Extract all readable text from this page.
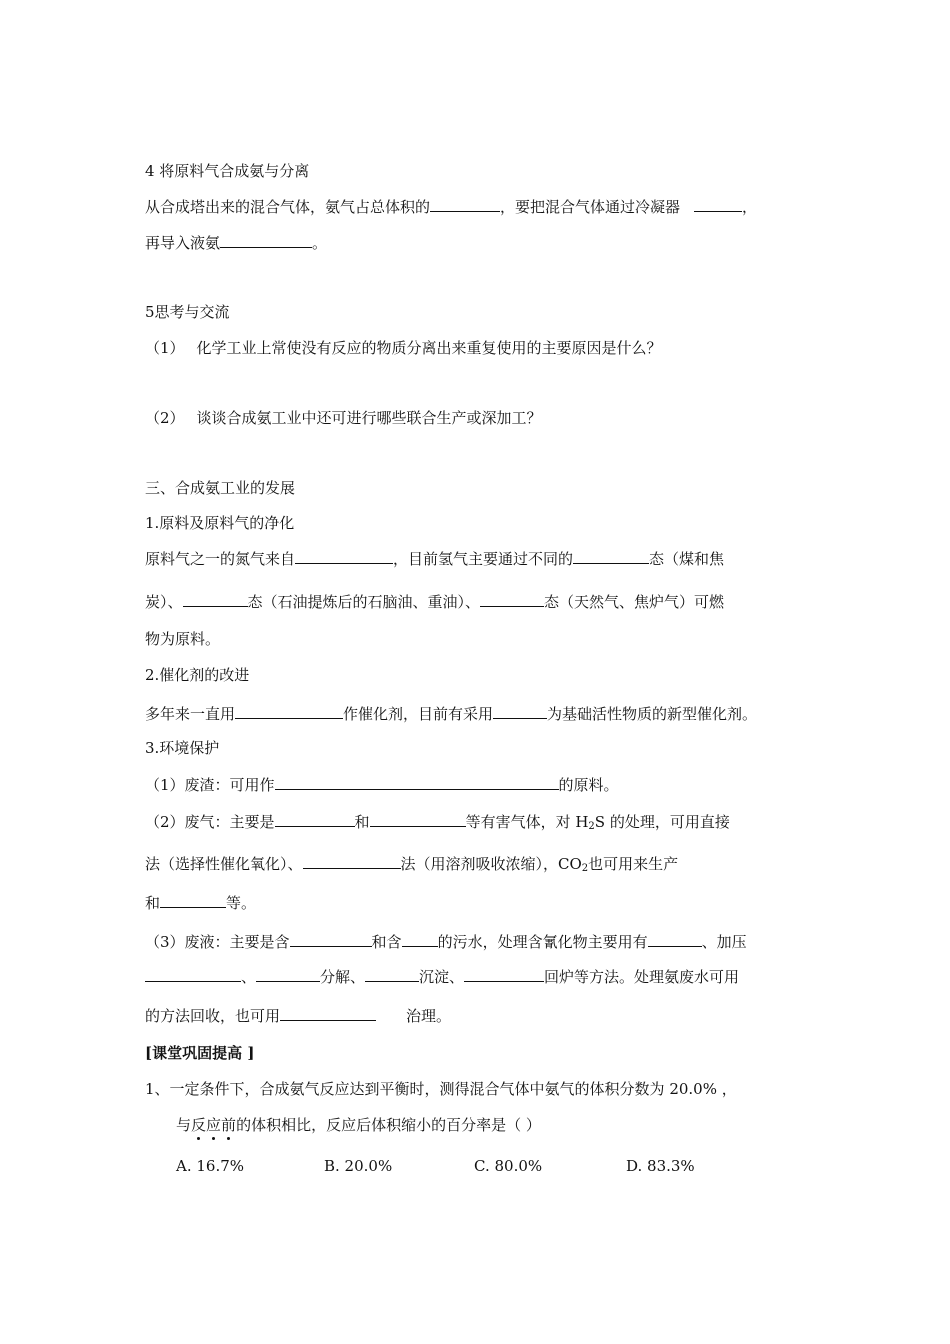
4 将原料气合成氨与分离
从合成塔出来的混合气体，氨气占总体积的	，要把混合气体通过冷凝器	，
再导入液氨	。
5思考与交流
（1） 化学工业上常使没有反应的物质分离出来重复使用的主要原因是什么？
（2） 谈谈合成氨工业中还可进行哪些联合生产或深加工？
三、合成氨工业的发展
1.原料及原料气的净化
原料气之一的氮气来自	，目前氢气主要通过不同的	态（煤和焦
炭）、	态（石油提炼后的石脑油、重油）、	态（天然气、焦炉气）可燃
物为原料。
2.催化剂的改进
多年来一直用	作催化剂，目前有采用	为基础活性物质的新型催化剂。
3.环境保护
（1）废渣：可用作	的原料。
（2）废气：主要是	和	等有害气体，对 $H_2S$ 的处理，可用直接
法（选择性催化氧化）、	法（用溶剂吸收浓缩），$CO_2$也可用来生产
和	等。
（3）废液：主要是含	和含 的污水，处理含氰化物主要用有	、加压
、	分解、	沉淀、	回炉等方法。处理氨废水可用
的方法回收，也可用	治理。
[课堂巩固提高 ]
1、一定条件下，合成氨气反应达到平衡时，测得混合气体中氨气的体积分数为 20.0% ，
与反应前的体积相比，反应后体积缩小的百分率是（ ）
A. 16.7%	B. 20.0%	C. 80.0%	D. 83.3%
